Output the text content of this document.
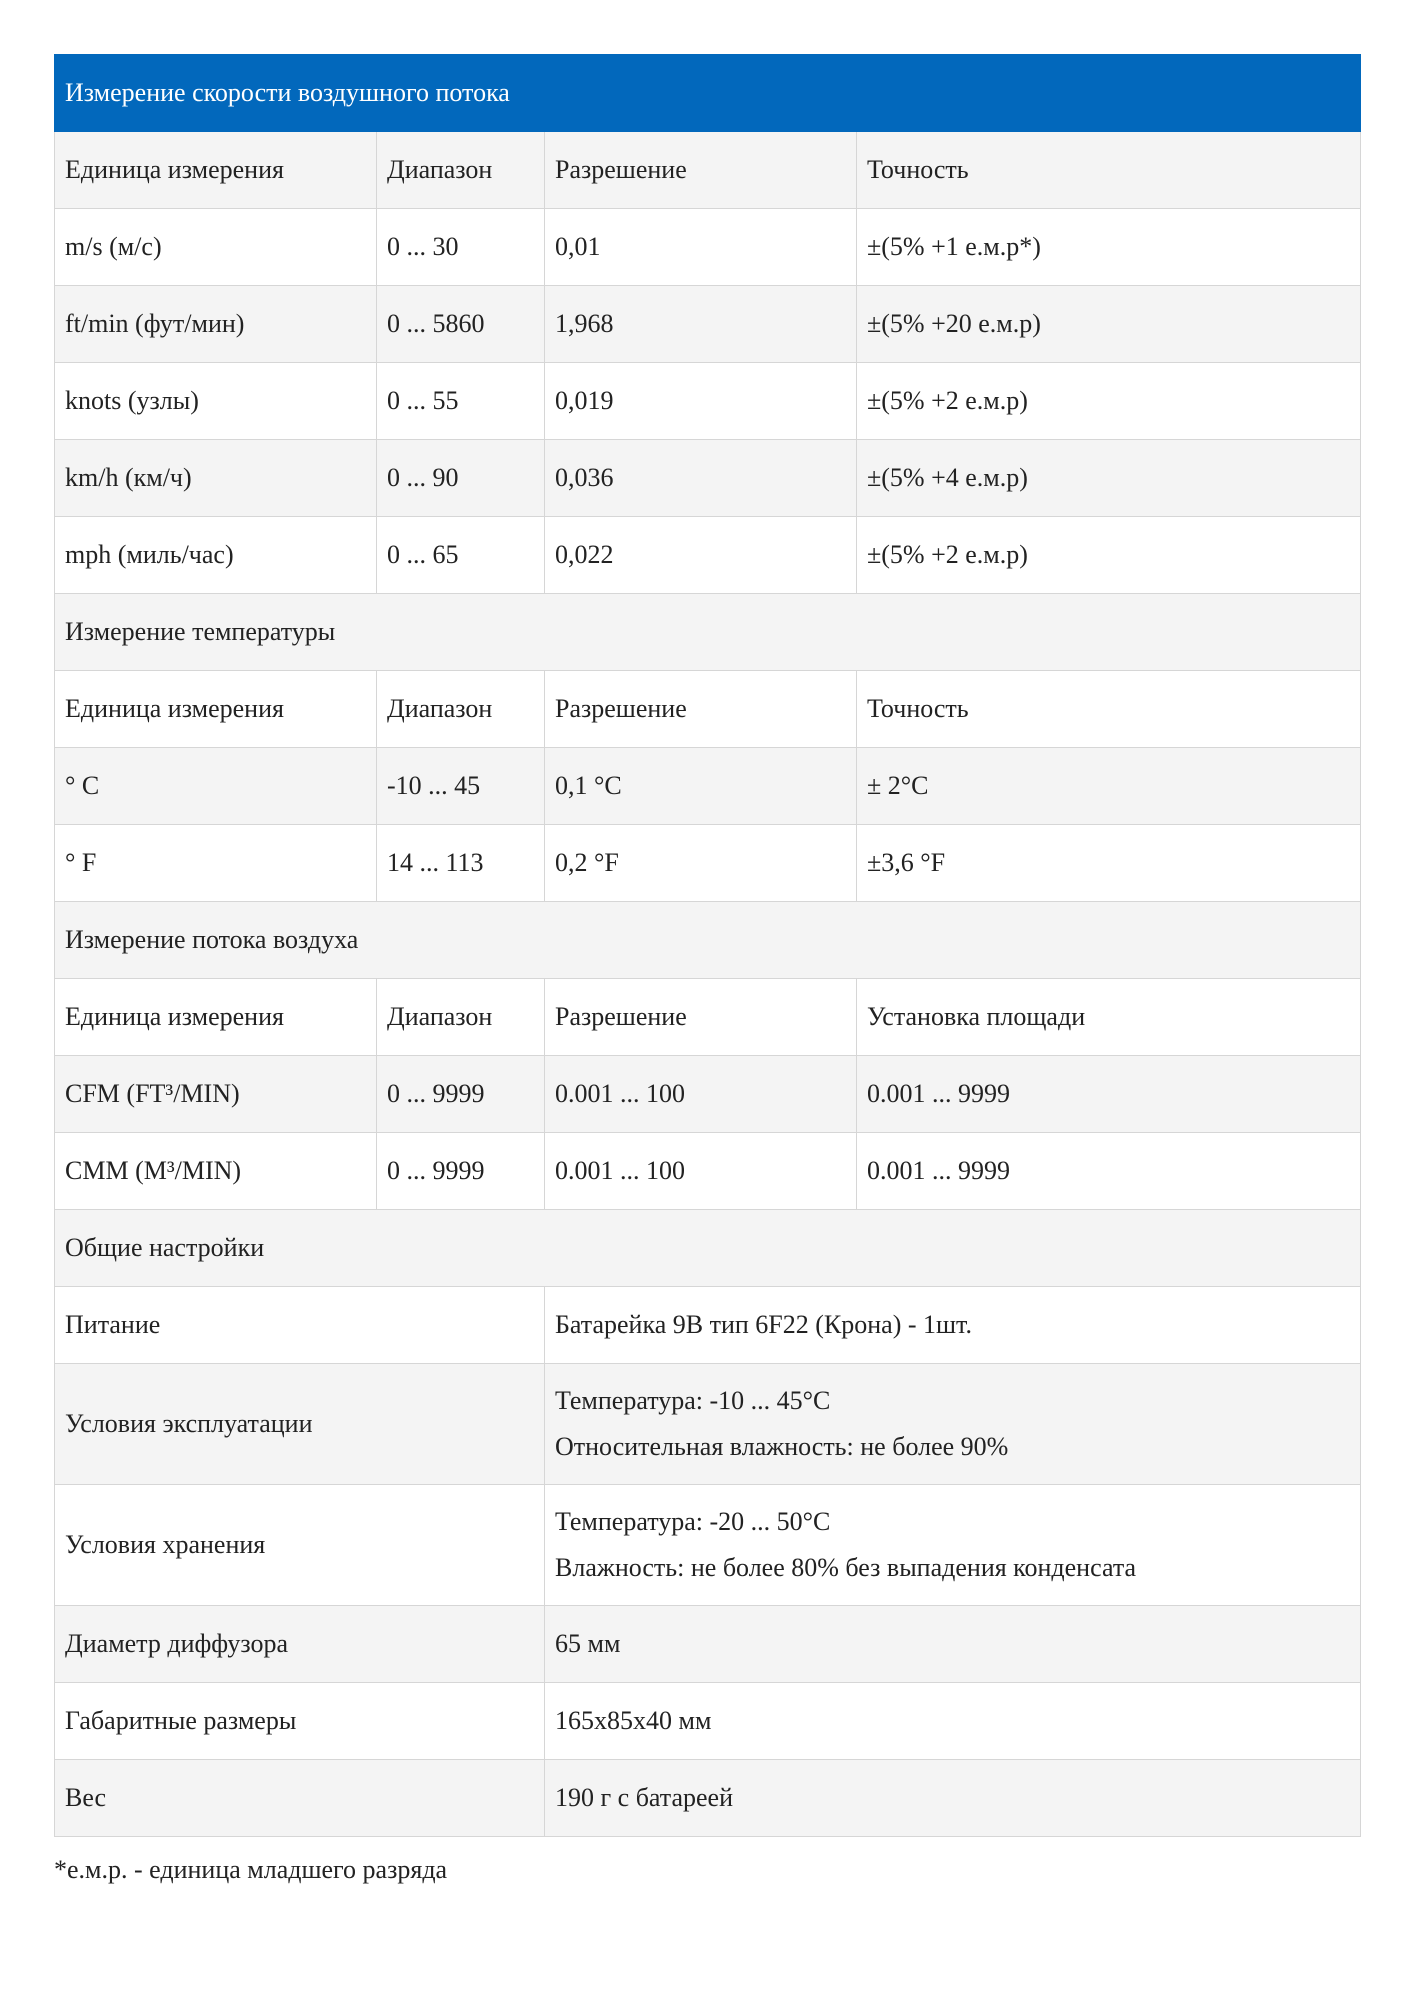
Измерение скорости воздушного потока			
Единица измерения	Диапазон	Разрешение	Точность
m/s (м/с)	0 ... 30	0,01	±(5% +1 е.м.р*)
ft/min (фут/мин)	0 ... 5860	1,968	±(5% +20 е.м.р)
knots (узлы)	0 ... 55	0,019	±(5% +2 е.м.р)
km/h (км/ч)	0 ... 90	0,036	±(5% +4 е.м.р)
mph (миль/час)	0 ... 65	0,022	±(5% +2 е.м.р)
Измерение температуры			
Единица измерения	Диапазон	Разрешение	Точность
° C	-10 ... 45	0,1 °C	± 2°C
° F	14 ... 113	0,2 °F	±3,6 °F
Измерение потока воздуха			
Единица измерения	Диапазон	Разрешение	Установка площади
CFM (FT³/MIN)	0 ... 9999	0.001 ... 100	0.001 ... 9999
CMM (M³/MIN)	0 ... 9999	0.001 ... 100	0.001 ... 9999
Общие настройки			
Питание		Батарейка 9В тип 6F22 (Крона) - 1шт.	
Условия эксплуатации		Температура: -10 ... 45°C
Относительная влажность: не более 90%	

Условия хранения		Температура: -20 ... 50°C
Влажность: не более 80% без выпадения конденсата	

Диаметр диффузора		65 мм	
Габаритные размеры		165х85х40 мм	
Вес		190 г с батареей	
*е.м.р. - единица младшего разряда
